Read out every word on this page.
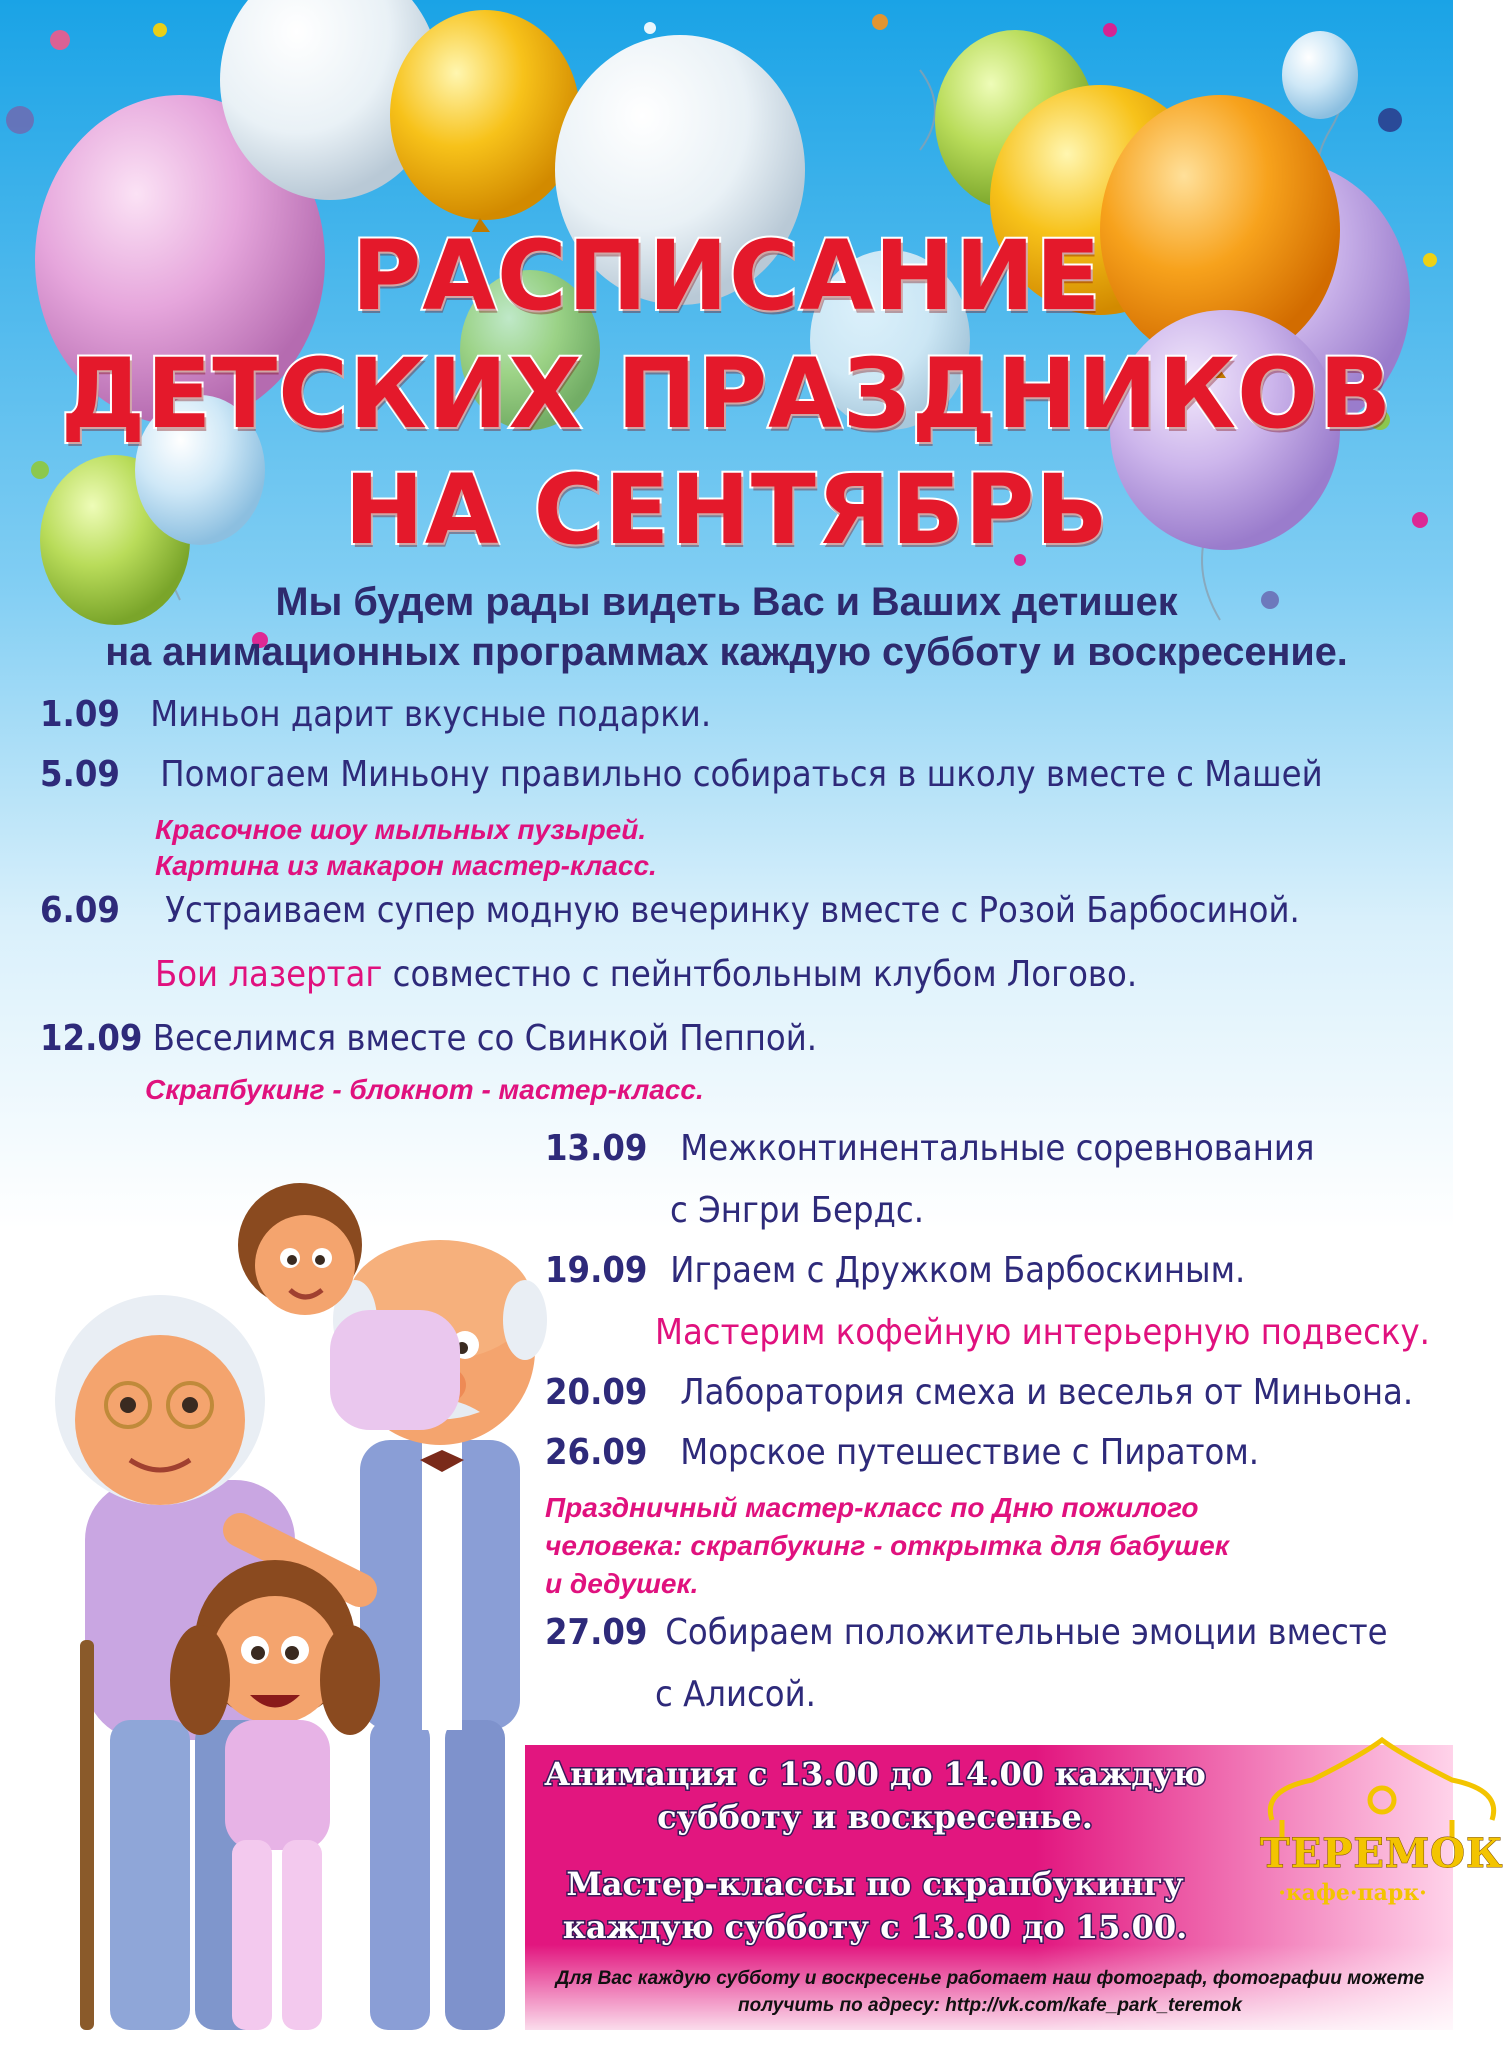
РАСПИСАНИЕ
ДЕТСКИХ ПРАЗДНИКОВ
НА СЕНТЯБРЬ
Мы будем рады видеть Вас и Ваших детишек
на анимационных программах каждую субботу и воскресение.
1.09 Миньон дарит вкусные подарки.
5.09 Помогаем Миньону правильно собираться в школу вместе с Машей
Красочное шоу мыльных пузырей.
Картина из макарон мастер-класс.
6.09 Устраиваем супер модную вечеринку вместе с Розой Барбосиной.
Бои лазертаг совместно с пейнтбольным клубом Логово.
12.09 Веселимся вместе со Свинкой Пеппой.
Скрапбукинг - блокнот - мастер-класс.
13.09 Межконтинентальные соревнования
с Энгри Бердс.
19.09 Играем с Дружком Барбоскиным.
Мастерим кофейную интерьерную подвеску.
20.09 Лаборатория смеха и веселья от Миньона.
26.09 Морское путешествие с Пиратом.
Праздничный мастер-класс по Дню пожилого
человека: скрапбукинг - открытка для бабушек
и дедушек.
27.09 Собираем положительные эмоции вместе
с Алисой.
Анимация с 13.00 до 14.00 каждую
субботу и воскресенье.
Мастер-классы по скрапбукингу
каждую субботу с 13.00 до 15.00.
Для Вас каждую субботу и воскресенье работает наш фотограф, фотографии можете
получить по адресу: http://vk.com/kafe_park_teremok
ТЕРЕМОК
·кафе·парк·
